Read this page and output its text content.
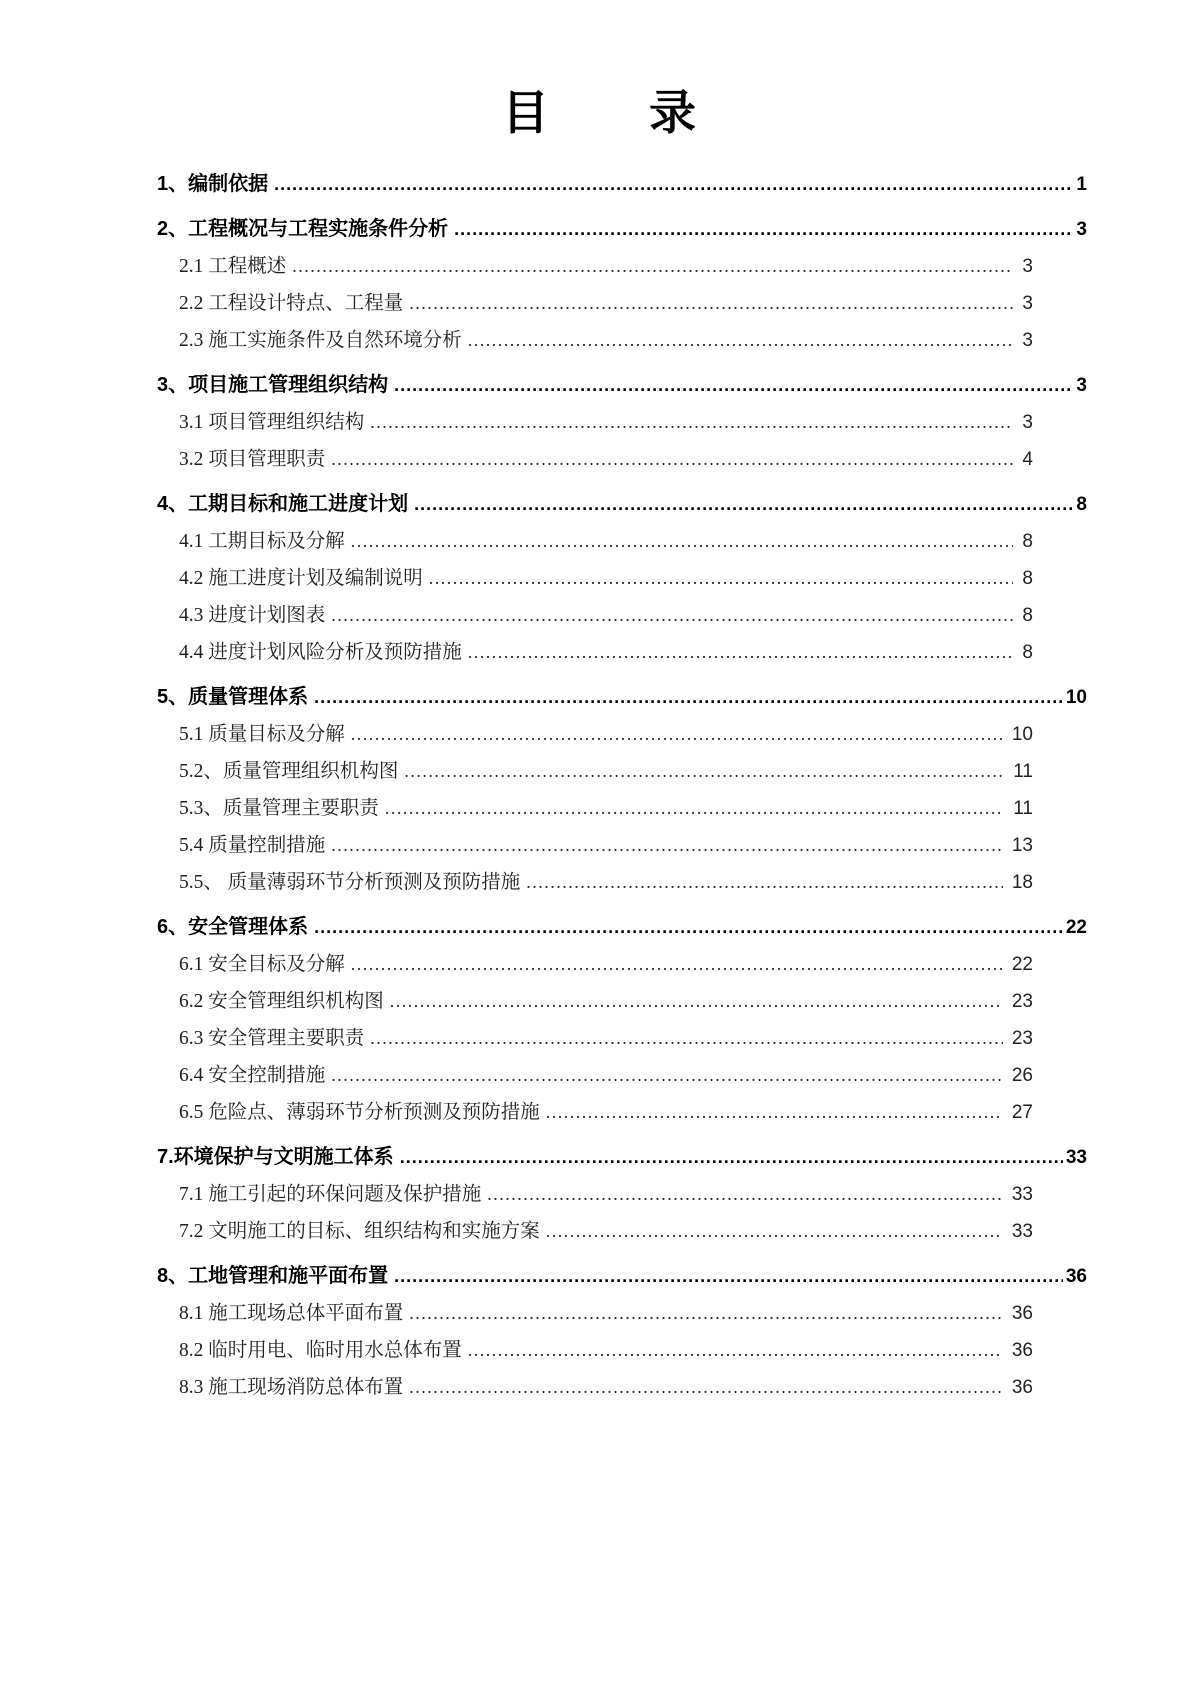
目　　录
1、编制依据 .....	1
2、工程概况与工程实施条件分析 .....	3
2.1 工程概述 .....	3
2.2 工程设计特点、工程量 .....	3
2.3 施工实施条件及自然环境分析 .....	3
3、项目施工管理组织结构 .....	3
3.1 项目管理组织结构 .....	3
3.2 项目管理职责 .....	4
4、工期目标和施工进度计划 .....	8
4.1 工期目标及分解 .....	8
4.2 施工进度计划及编制说明 .....	8
4.3 进度计划图表 .....	8
4.4 进度计划风险分析及预防措施 .....	8
5、质量管理体系 .....	10
5.1 质量目标及分解 .....	10
5.2、质量管理组织机构图 .....	11
5.3、质量管理主要职责 .....	11
5.4 质量控制措施 .....	13
5.5、 质量薄弱环节分析预测及预防措施 .....	18
6、安全管理体系 .....	22
6.1 安全目标及分解 .....	22
6.2 安全管理组织机构图 .....	23
6.3 安全管理主要职责 .....	23
6.4 安全控制措施 .....	26
6.5 危险点、薄弱环节分析预测及预防措施 .....	27
7.环境保护与文明施工体系 .....	33
7.1 施工引起的环保问题及保护措施 .....	33
7.2 文明施工的目标、组织结构和实施方案 .....	33
8、工地管理和施平面布置 .....	36
8.1 施工现场总体平面布置 .....	36
8.2 临时用电、临时用水总体布置 .....	36
8.3 施工现场消防总体布置 .....	36
